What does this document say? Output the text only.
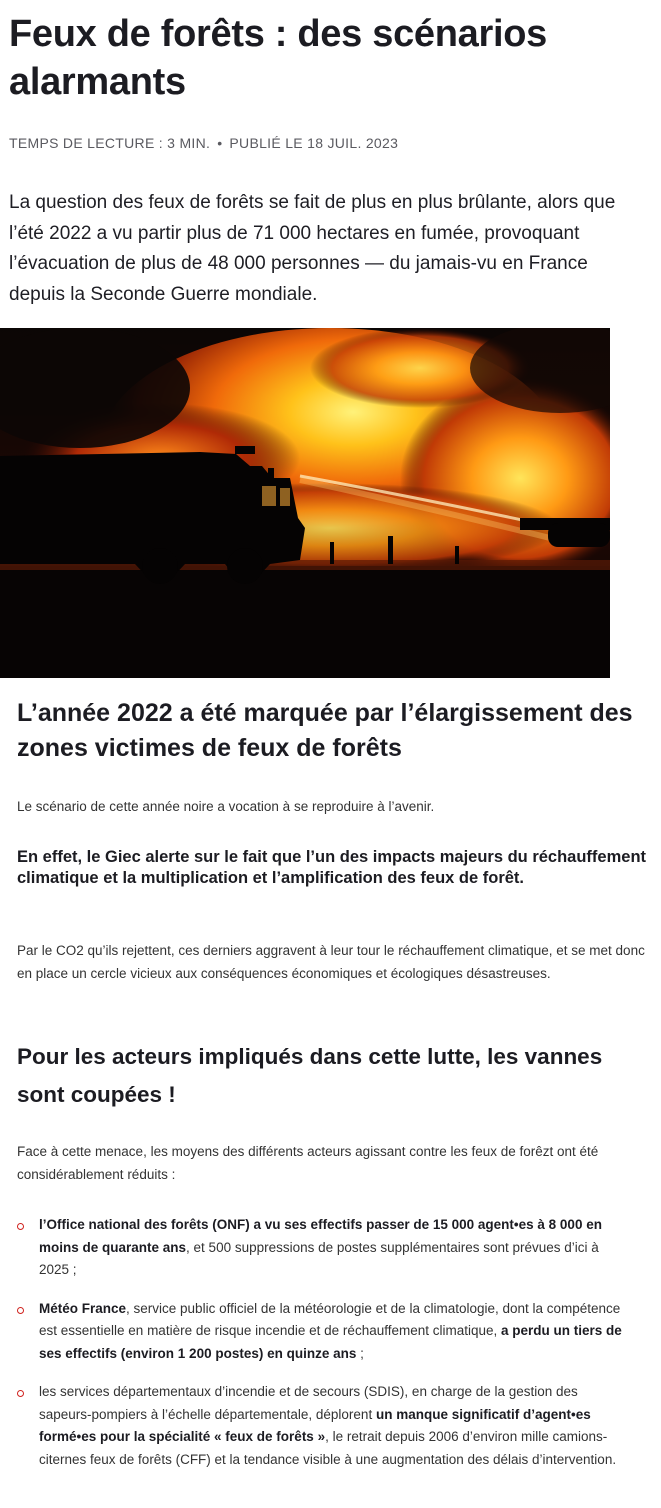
Feux de forêts : des scénarios alarmants
TEMPS DE LECTURE : 3 MIN. • PUBLIÉ LE 18 JUIL. 2023

La question des feux de forêts se fait de plus en plus brûlante, alors que l’été 2022 a vu partir plus de 71 000 hectares en fumée, provoquant l’évacuation de plus de 48 000 personnes — du jamais-vu en France depuis la Seconde Guerre mondiale.

L’année 2022 a été marquée par l’élargissement des zones victimes de feux de forêts

Le scénario de cette année noire a vocation à se reproduire à l’avenir.

En effet, le Giec alerte sur le fait que l’un des impacts majeurs du réchauffement climatique et la multiplication et l’amplification des feux de forêt.

Par le CO2 qu’ils rejettent, ces derniers aggravent à leur tour le réchauffement climatique, et se met donc en place un cercle vicieux aux conséquences économiques et écologiques désastreuses.

Pour les acteurs impliqués dans cette lutte, les vannes sont coupées !

Face à cette menace, les moyens des différents acteurs agissant contre les feux de forêzt ont été considérablement réduits :

l’Office national des forêts (ONF) a vu ses effectifs passer de 15 000 agent•es à 8 000 en moins de quarante ans, et 500 suppressions de postes supplémentaires sont prévues d’ici à 2025 ;
Météo France, service public officiel de la météorologie et de la climatologie, dont la compétence est essentielle en matière de risque incendie et de réchauffement climatique, a perdu un tiers de ses effectifs (environ 1 200 postes) en quinze ans ;
les services départementaux d’incendie et de secours (SDIS), en charge de la gestion des sapeurs-pompiers à l’échelle départementale, déplorent un manque significatif d’agent•es formé•es pour la spécialité « feux de forêts », le retrait depuis 2006 d’environ mille camions-citernes feux de forêts (CFF) et la tendance visible à une augmentation des délais d’intervention.
